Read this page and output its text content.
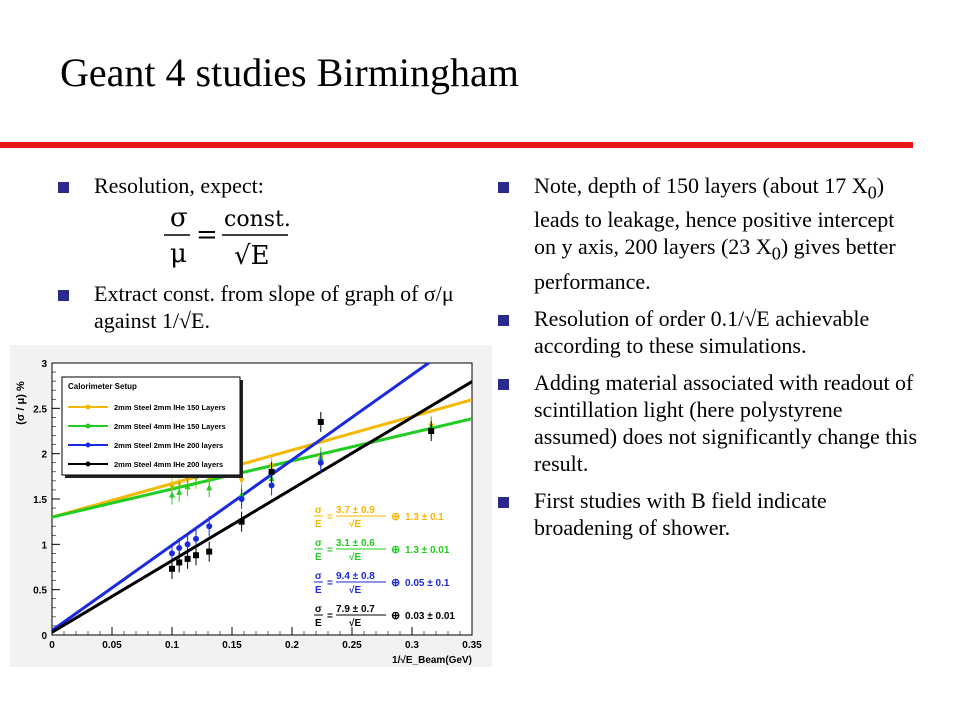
Geant 4 studies Birmingham
Resolution, expect:
σ
μ
=
const.
√E
Extract const. from slope of graph of σ/μ against 1/√E.
Note, depth of 150 layers (about 17 $X_0$) leads to leakage, hence positive intercept on y axis, 200 layers (23 $X_0$) gives better performance.
Resolution of order 0.1/√E achievable according to these simulations.
Adding material associated with readout of scintillation light (here polystyrene assumed) does not significantly change this result.
First studies with B field indicate broadening of shower.
0	0.05	0.1	0.15	0.2	0.25	0.3	0.35
0
0.5
1
1.5
2
2.5
3
1/√E_Beam(GeV)
(σ / μ) %	Calorimeter Setup
2mm Steel 2mm lHe 150 Layers
2mm Steel 4mm lHe 150 Layers
2mm Steel 2mm lHe 200 layers
2mm Steel 4mm lHe 200 layers
σ
E
=
3.7 ± 0.9
√E
⊕ 1.3 ± 0.1
σ
E
=
3.1 ± 0.6
√E
⊕ 1.3 ± 0.01
σ
E
=
9.4 ± 0.8
√E
⊕ 0.05 ± 0.1
σ
E
=
7.9 ± 0.7
√E
⊕ 0.03 ± 0.01
